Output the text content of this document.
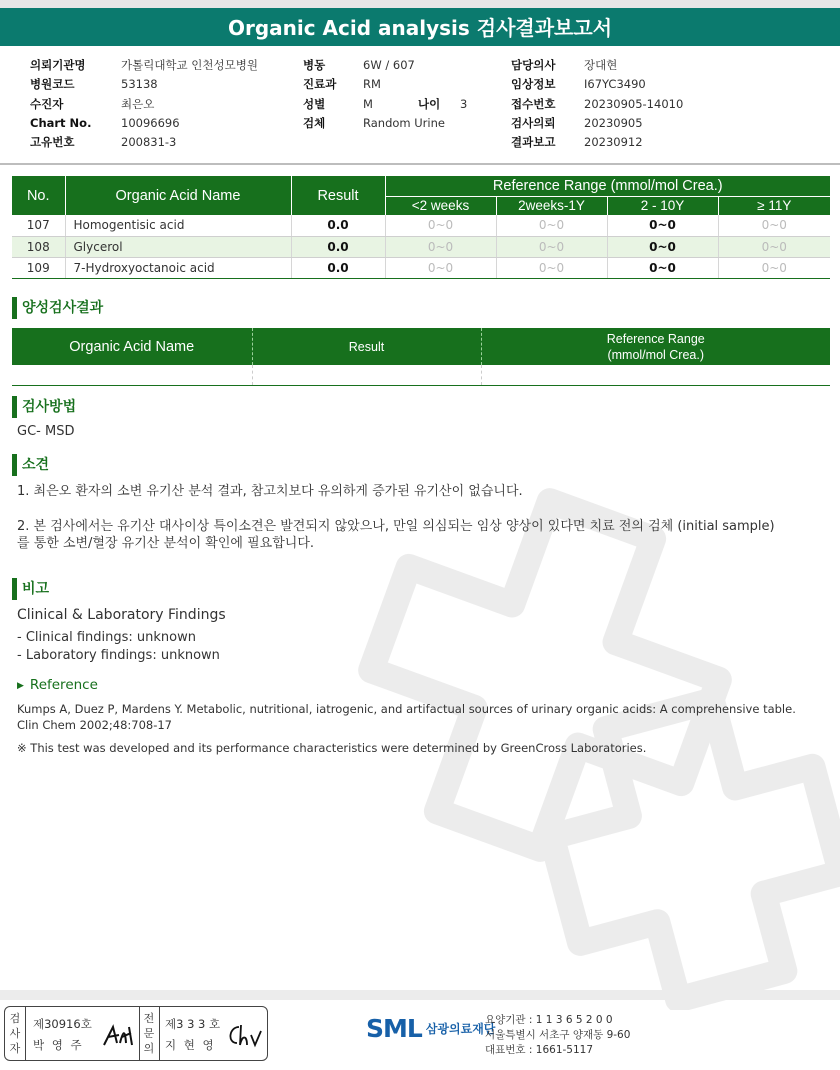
Organic Acid analysis 검사결과보고서
의뢰기관명	가톨릭대학교 인천성모병원
병원코드	53138
수진자	최은오
Chart No.	10096696
고유번호	200831-3
병동	6W / 607
진료과	RM
성별	M	나이	3
검체	Random Urine
담당의사	장대현
임상정보	I67YC3490
접수번호	20230905-14010
검사의뢰	20230905
결과보고	20230912
No.	Organic Acid Name	Result	Reference Range (mmol/mol Crea.)			
			<2 weeks	2weeks-1Y	2 - 10Y	≥ 11Y
107	Homogentisic acid	0.0	0~0	0~0	0~0	0~0
108	Glycerol	0.0	0~0	0~0	0~0	0~0
109	7-Hydroxyoctanoic acid	0.0	0~0	0~0	0~0	0~0
양성검사결과
Organic Acid Name	Result	Reference Range
(mmol/mol Crea.)

검사방법
GC- MSD
소견
1. 최은오 환자의 소변 유기산 분석 결과, 참고치보다 유의하게 증가된 유기산이 없습니다.
2. 본 검사에서는 유기산 대사이상 특이소견은 발견되지 않았으나, 만일 의심되는 임상 양상이 있다면 치료 전의 검체 (initial sample)를 통한 소변/혈장 유기산 분석이 확인에 필요합니다.
비고
Clinical & Laboratory Findings
- Clinical findings: unknown
- Laboratory findings: unknown
▶ Reference
Kumps A, Duez P, Mardens Y. Metabolic, nutritional, iatrogenic, and artifactual sources of urinary organic acids: A comprehensive table. Clin Chem 2002;48:708-17
※ This test was developed and its performance characteristics were determined by GreenCross Laboratories.
검사자
제30916호
박 영 주
전문의
제3 3 3 호
지 현 영
SML 삼광의료재단
요양기관 : 1 1 3 6 5 2 0 0
서울특별시 서초구 양재동 9-60
대표번호 : 1661-5117
